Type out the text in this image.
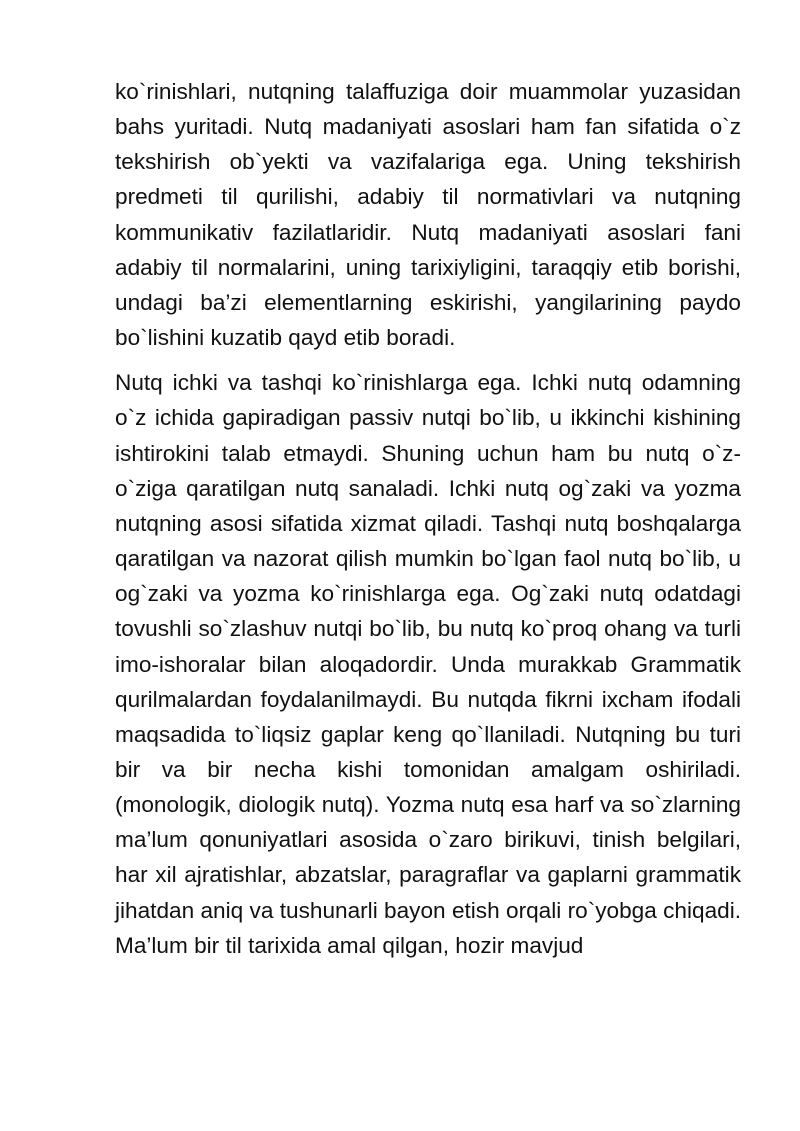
ko`rinishlari, nutqning talaffuziga doir muammolar yuzasidan bahs yuritadi. Nutq madaniyati asoslari ham fan sifatida o`z tekshirish ob`yekti va vazifalariga ega. Uning tekshirish predmeti til qurilishi, adabiy til normativlari va nutqning kommunikativ fazilatlaridir. Nutq madaniyati asoslari fani adabiy til normalarini, uning tarixiyligini, taraqqiy etib borishi, undagi ba’zi elementlarning eskirishi, yangilarining paydo bo`lishini kuzatib qayd etib boradi.

Nutq ichki va tashqi ko`rinishlarga ega. Ichki nutq odamning o`z ichida gapiradigan passiv nutqi bo`lib, u ikkinchi kishining ishtirokini talab etmaydi. Shuning uchun ham bu nutq o`z-o`ziga qaratilgan nutq sanaladi. Ichki nutq og`zaki va yozma nutqning asosi sifatida xizmat qiladi. Tashqi nutq boshqalarga qaratilgan va nazorat qilish mumkin bo`lgan faol nutq bo`lib, u og`zaki va yozma ko`rinishlarga ega. Og`zaki nutq odatdagi tovushli so`zlashuv nutqi bo`lib, bu nutq ko`proq ohang va turli imo-ishoralar bilan aloqadordir. Unda murakkab Grammatik qurilmalardan foydalanilmaydi. Bu nutqda fikrni ixcham ifodali maqsadida to`liqsiz gaplar keng qo`llaniladi. Nutqning bu turi bir va bir necha kishi tomonidan amalgam oshiriladi. (monologik, diologik nutq). Yozma nutq esa harf va so`zlarning ma’lum qonuniyatlari asosida o`zaro birikuvi, tinish belgilari, har xil ajratishlar, abzatslar, paragraflar va gaplarni grammatik jihatdan aniq va tushunarli bayon etish orqali ro`yobga chiqadi. Ma’lum bir til tarixida amal qilgan, hozir mavjud
